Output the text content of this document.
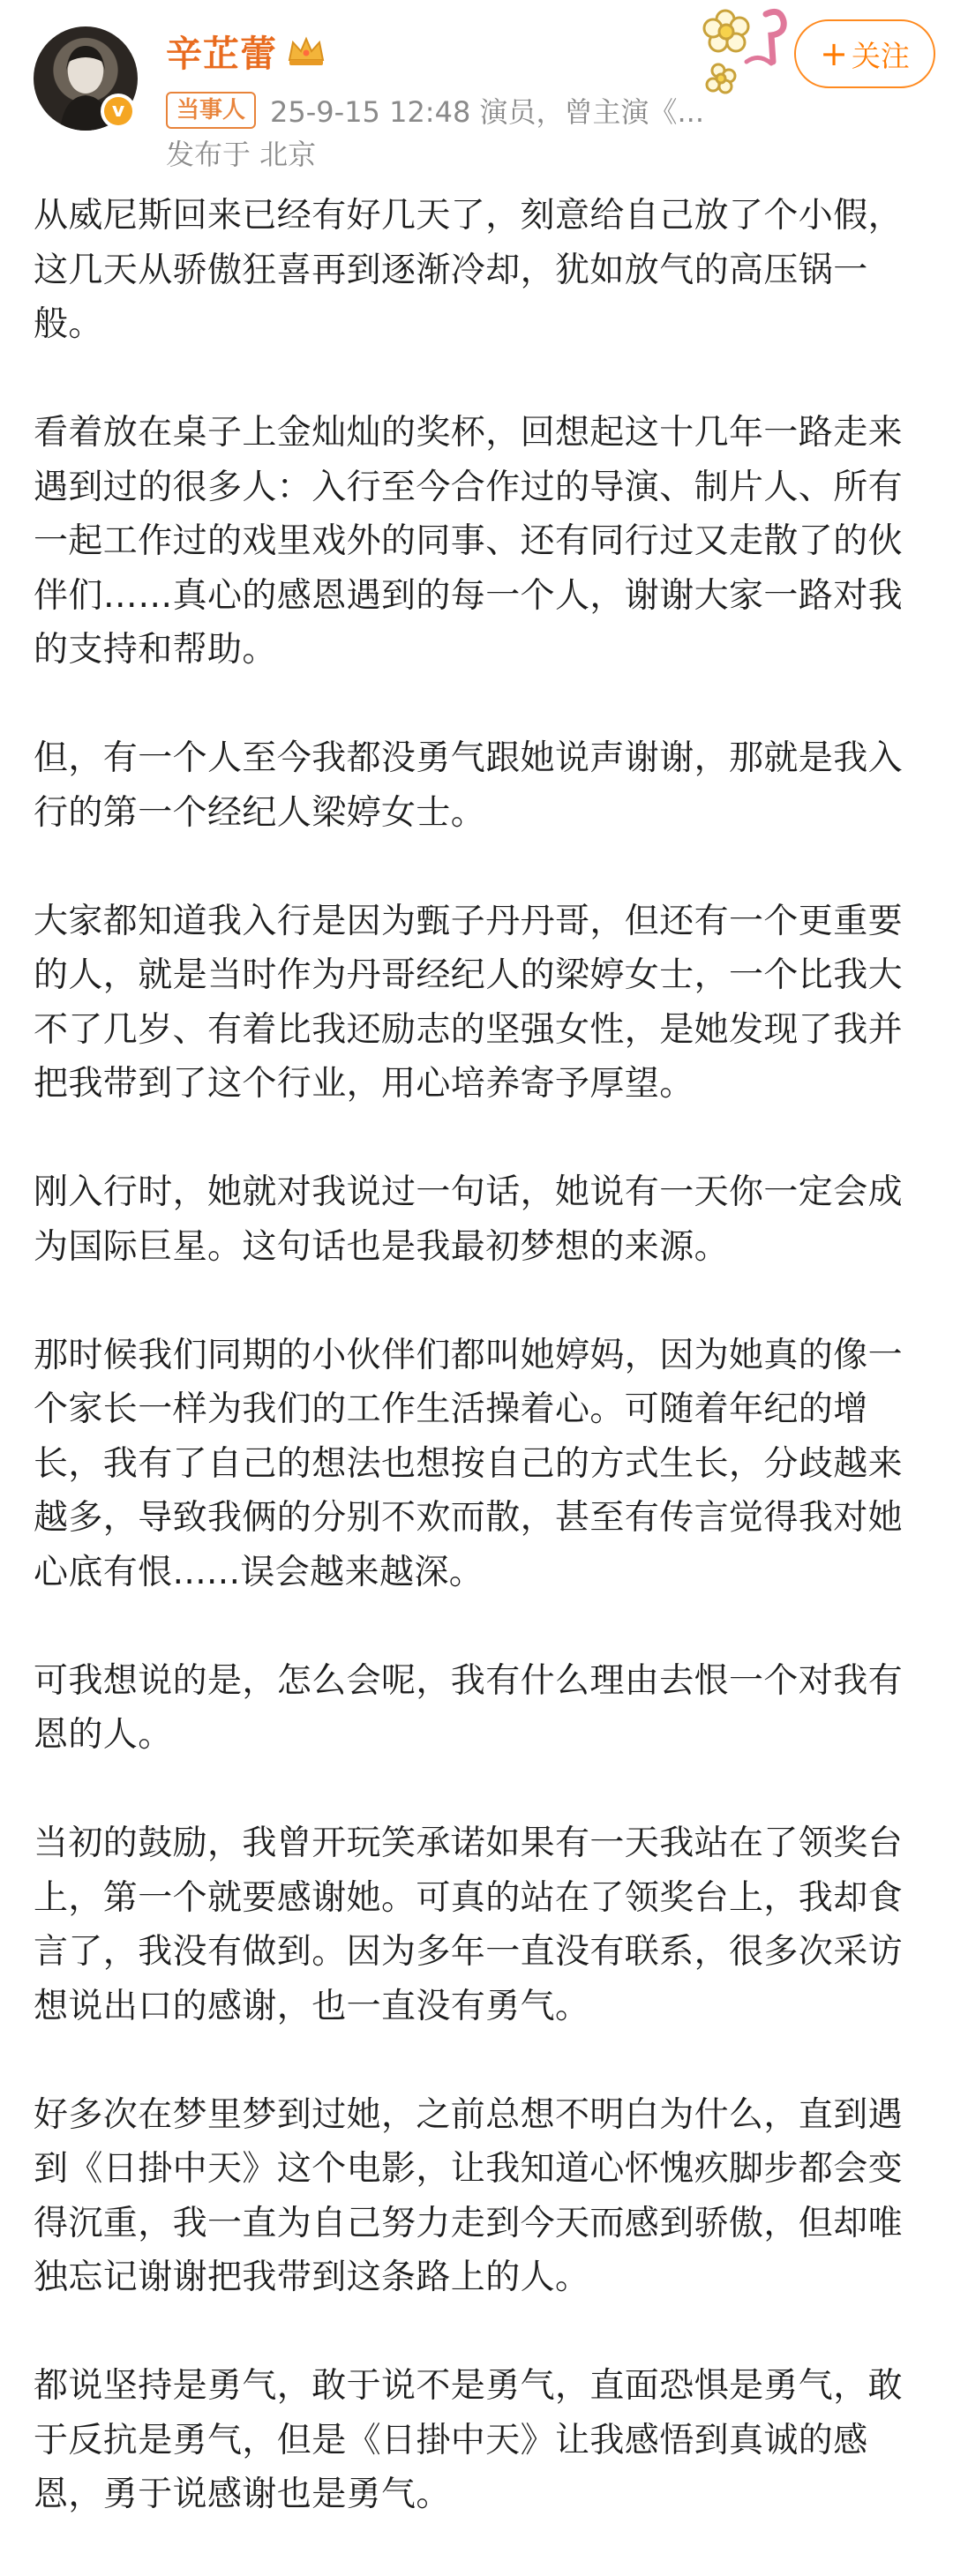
v
辛芷蕾
当事人 25-9-15 12:48 演员，曾主演《...
发布于 北京
+ 关注

从威尼斯回来已经有好几天了，刻意给自己放了个小假，这几天从骄傲狂喜再到逐渐冷却，犹如放气的高压锅一般。

看着放在桌子上金灿灿的奖杯，回想起这十几年一路走来遇到过的很多人：入行至今合作过的导演、制片人、所有一起工作过的戏里戏外的同事、还有同行过又走散了的伙伴们……真心的感恩遇到的每一个人，谢谢大家一路对我的支持和帮助。

但，有一个人至今我都没勇气跟她说声谢谢，那就是我入行的第一个经纪人梁婷女士。

大家都知道我入行是因为甄子丹丹哥，但还有一个更重要的人，就是当时作为丹哥经纪人的梁婷女士，一个比我大不了几岁、有着比我还励志的坚强女性，是她发现了我并把我带到了这个行业，用心培养寄予厚望。

刚入行时，她就对我说过一句话，她说有一天你一定会成为国际巨星。这句话也是我最初梦想的来源。

那时候我们同期的小伙伴们都叫她婷妈，因为她真的像一个家长一样为我们的工作生活操着心。可随着年纪的增长，我有了自己的想法也想按自己的方式生长，分歧越来越多，导致我俩的分别不欢而散，甚至有传言觉得我对她心底有恨......误会越来越深。

可我想说的是，怎么会呢，我有什么理由去恨一个对我有恩的人。

当初的鼓励，我曾开玩笑承诺如果有一天我站在了领奖台上，第一个就要感谢她。可真的站在了领奖台上，我却食言了，我没有做到。因为多年一直没有联系，很多次采访想说出口的感谢，也一直没有勇气。

好多次在梦里梦到过她，之前总想不明白为什么，直到遇到《日掛中天》这个电影，让我知道心怀愧疚脚步都会变得沉重，我一直为自己努力走到今天而感到骄傲，但却唯独忘记谢谢把我带到这条路上的人。

都说坚持是勇气，敢于说不是勇气，直面恐惧是勇气，敢于反抗是勇气，但是《日掛中天》让我感悟到真诚的感恩，勇于说感谢也是勇气。
